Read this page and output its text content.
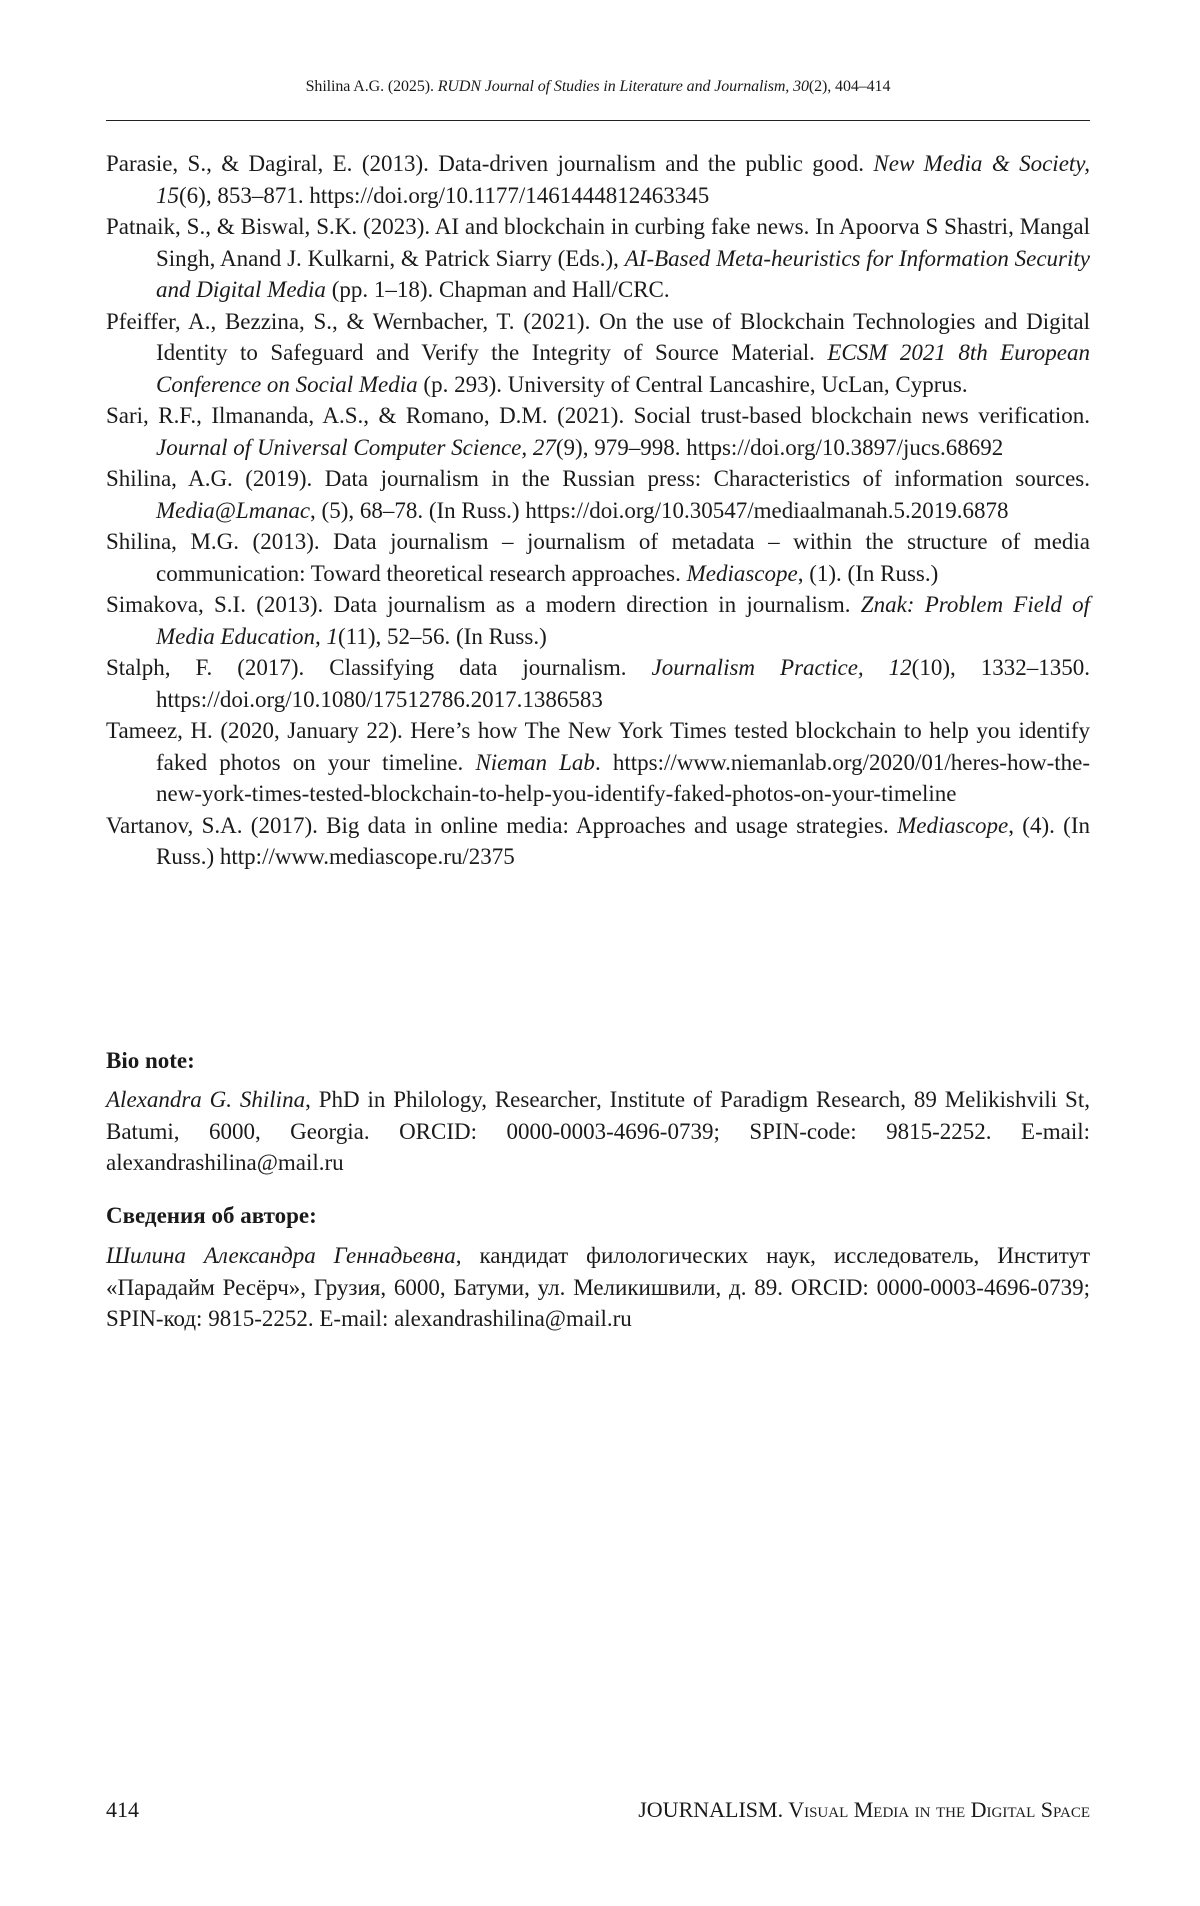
Shilina A.G. (2025). RUDN Journal of Studies in Literature and Journalism, 30(2), 404–414

Parasie, S., & Dagiral, E. (2013). Data-driven journalism and the public good. New Media & Society, 15(6), 853–871. https://doi.org/10.1177/1461444812463345

Patnaik, S., & Biswal, S.K. (2023). AI and blockchain in curbing fake news. In Apoorva S Shastri, Mangal Singh, Anand J. Kulkarni, & Patrick Siarry (Eds.), AI-Based Meta-heuristics for Information Security and Digital Media (pp. 1–18). Chapman and Hall/CRC.

Pfeiffer, A., Bezzina, S., & Wernbacher, T. (2021). On the use of Blockchain Technologies and Digital Identity to Safeguard and Verify the Integrity of Source Material. ECSM 2021 8th European Conference on Social Media (p. 293). University of Central Lancashire, UcLan, Cyprus.

Sari, R.F., Ilmananda, A.S., & Romano, D.M. (2021). Social trust-based blockchain news verification. Journal of Universal Computer Science, 27(9), 979–998. https://doi.org/10.3897/jucs.68692

Shilina, A.G. (2019). Data journalism in the Russian press: Characteristics of information sources. Media@Lmanac, (5), 68–78. (In Russ.) https://doi.org/10.30547/mediaalmanah.5.2019.6878

Shilina, M.G. (2013). Data journalism – journalism of metadata – within the structure of media communication: Toward theoretical research approaches. Mediascope, (1). (In Russ.)

Simakova, S.I. (2013). Data journalism as a modern direction in journalism. Znak: Problem Field of Media Education, 1(11), 52–56. (In Russ.)

Stalph, F. (2017). Classifying data journalism. Journalism Practice, 12(10), 1332–1350. https://doi.org/10.1080/17512786.2017.1386583

Tameez, H. (2020, January 22). Here’s how The New York Times tested blockchain to help you identify faked photos on your timeline. Nieman Lab. https://www.niemanlab.org/2020/01/heres-how-the-new-york-times-tested-blockchain-to-help-you-identify-faked-photos-on-your-timeline

Vartanov, S.A. (2017). Big data in online media: Approaches and usage strategies. Mediascope, (4). (In Russ.) http://www.mediascope.ru/2375

Bio note:
Alexandra G. Shilina, PhD in Philology, Researcher, Institute of Paradigm Research, 89 Melikishvili St, Batumi, 6000, Georgia. ORCID: 0000-0003-4696-0739; SPIN-code: 9815-2252. E-mail: alexandrashilina@mail.ru
Сведения об авторе:
Шилина Александра Геннадьевна, кандидат филологических наук, исследователь, Институт «Парадайм Ресёрч», Грузия, 6000, Батуми, ул. Меликишвили, д. 89. ORCID: 0000-0003-4696-0739; SPIN-код: 9815-2252. E-mail: alexandrashilina@mail.ru
414	JOURNALISM. Visual Media in the Digital Space
